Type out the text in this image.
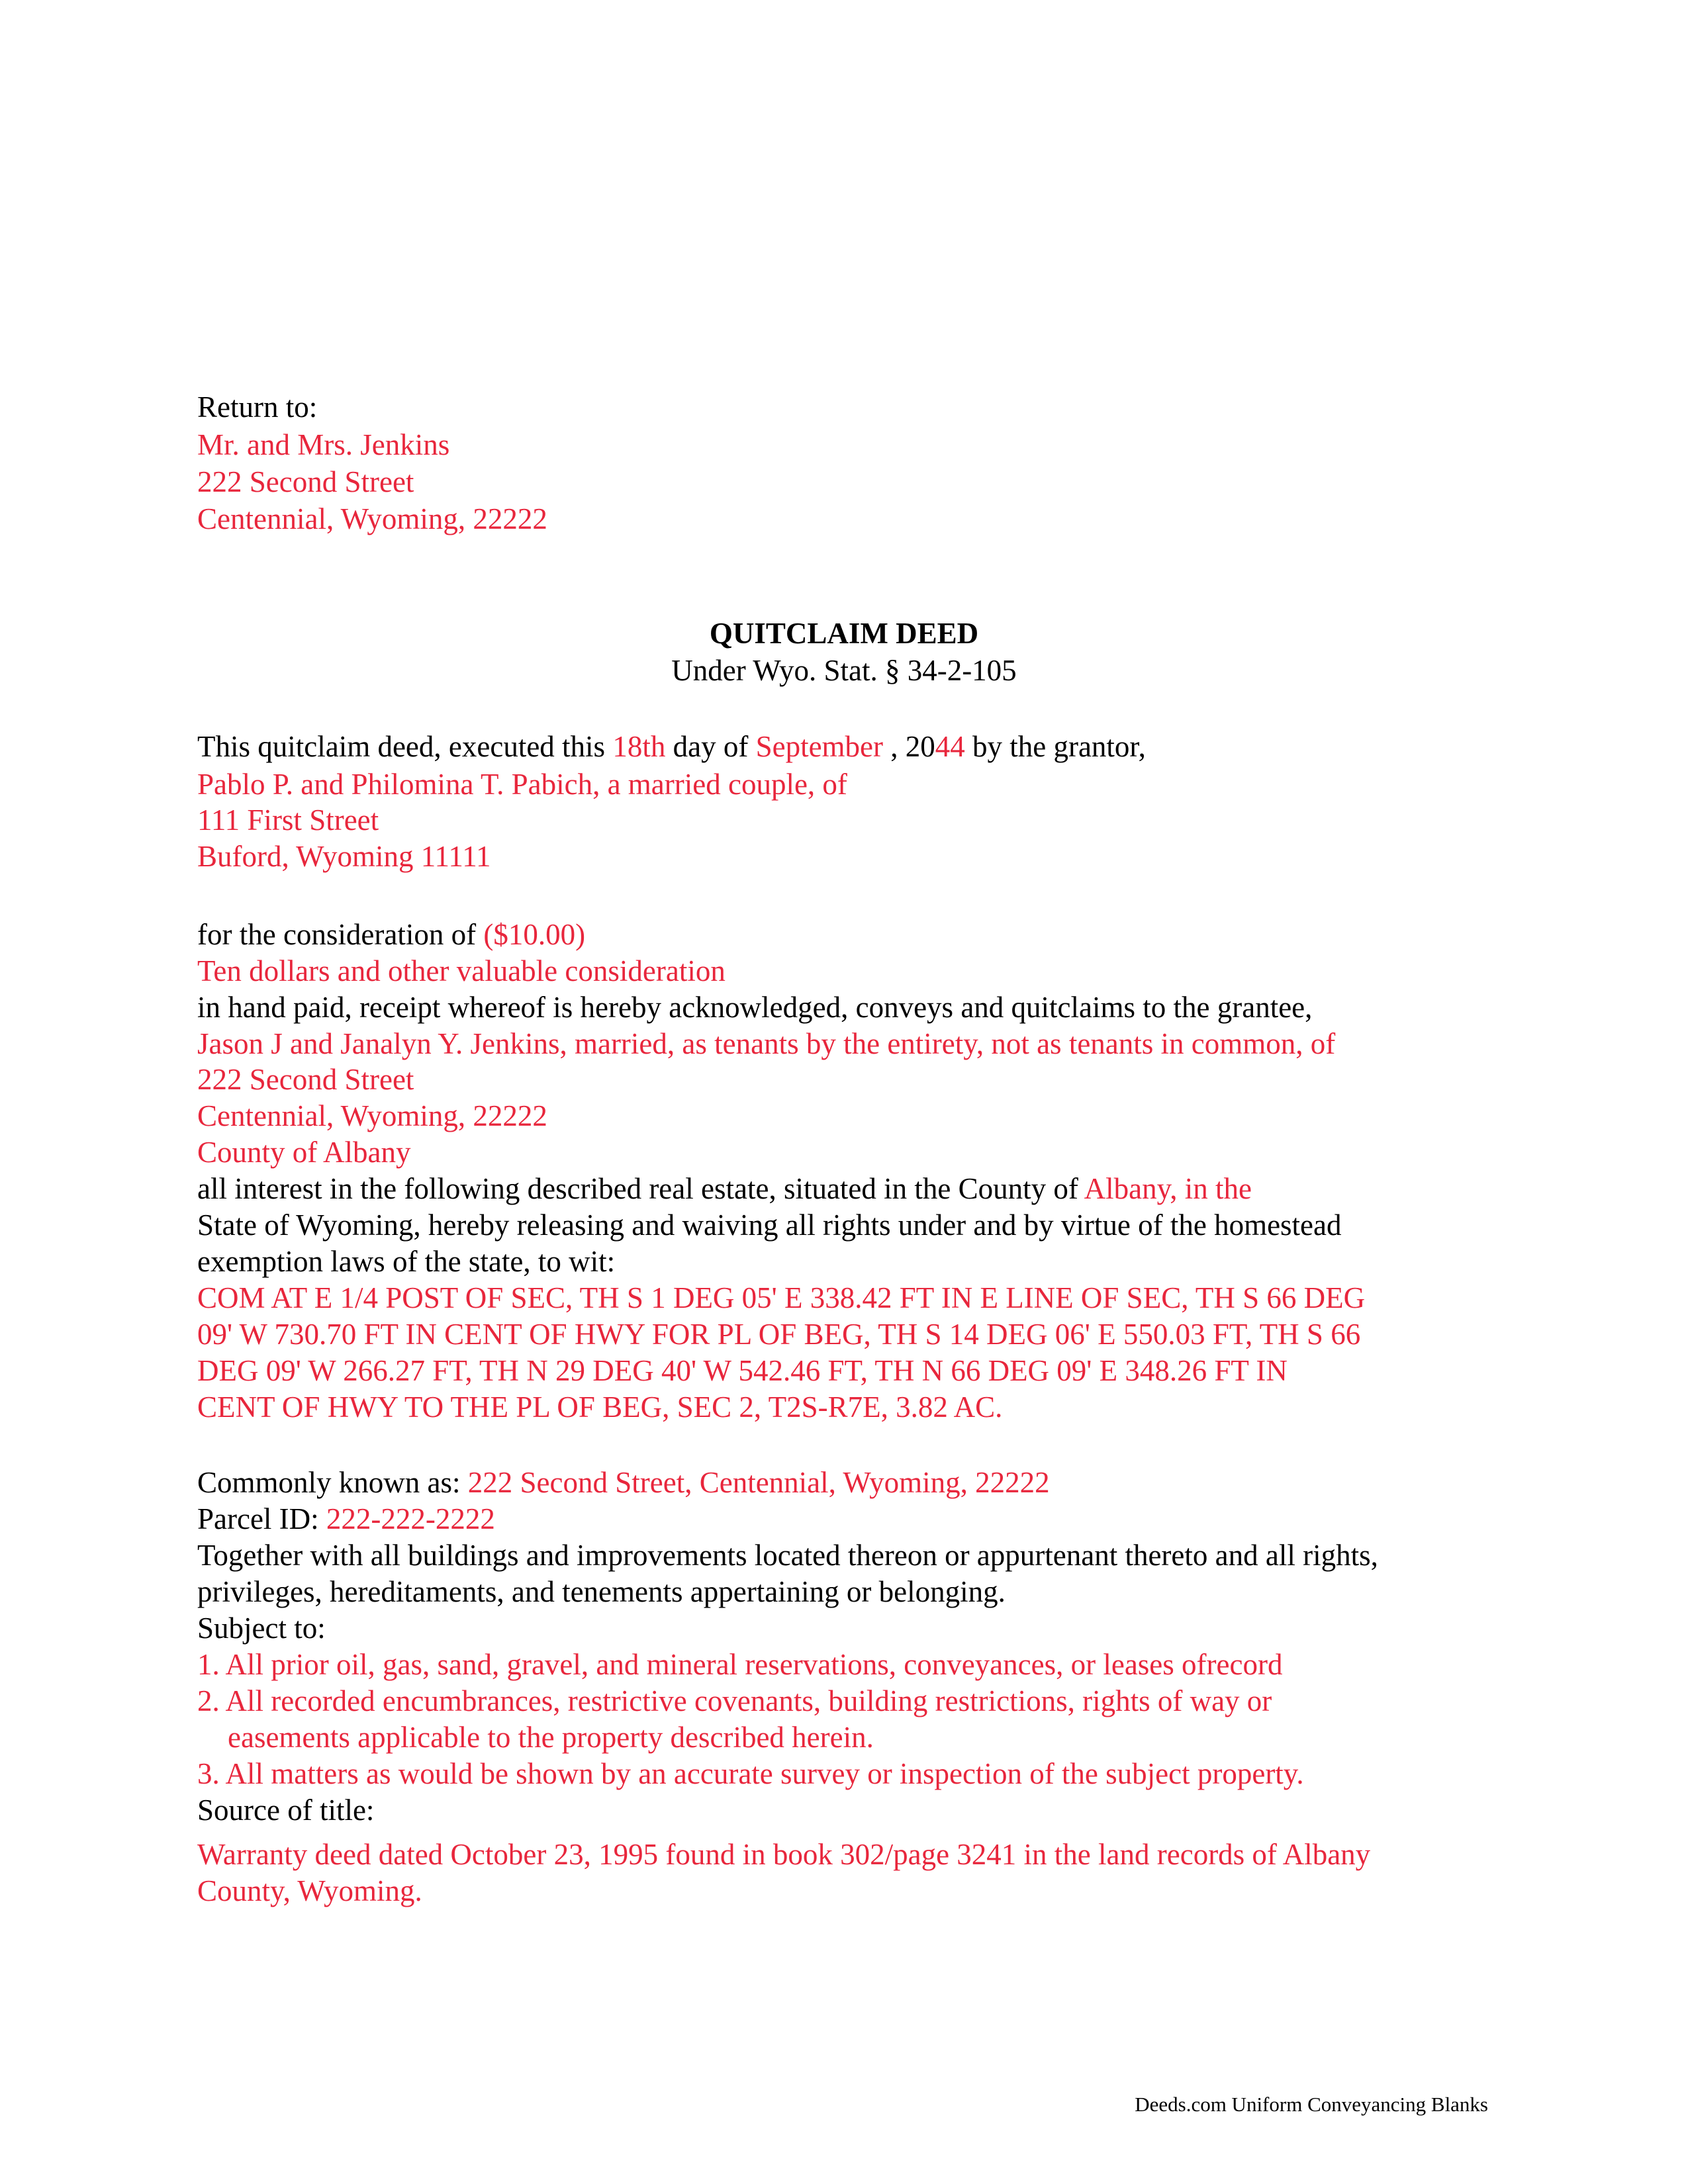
Return to:

Mr. and Mrs. Jenkins

222 Second Street

Centennial, Wyoming, 22222

QUITCLAIM DEED

Under Wyo. Stat. § 34-2-105

This quitclaim deed, executed this 18th day of September , 2044 by the grantor,

Pablo P. and Philomina T. Pabich, a married couple, of

111 First Street

Buford, Wyoming 11111

for the consideration of ($10.00)

Ten dollars and other valuable consideration

in hand paid, receipt whereof is hereby acknowledged, conveys and quitclaims to the grantee,

Jason J and Janalyn Y. Jenkins, married, as tenants by the entirety, not as tenants in common, of

222 Second Street

Centennial, Wyoming, 22222

County of Albany

all interest in the following described real estate, situated in the County of Albany, in the

State of Wyoming, hereby releasing and waiving all rights under and by virtue of the homestead

exemption laws of the state, to wit:

COM AT E 1/4 POST OF SEC, TH S 1 DEG 05' E 338.42 FT IN E LINE OF SEC, TH S 66 DEG

09' W 730.70 FT IN CENT OF HWY FOR PL OF BEG, TH S 14 DEG 06' E 550.03 FT, TH S 66

DEG 09' W 266.27 FT, TH N 29 DEG 40' W 542.46 FT, TH N 66 DEG 09' E 348.26 FT IN

CENT OF HWY TO THE PL OF BEG, SEC 2, T2S-R7E, 3.82 AC.

Commonly known as: 222 Second Street, Centennial, Wyoming, 22222

Parcel ID: 222-222-2222

Together with all buildings and improvements located thereon or appurtenant thereto and all rights,

privileges, hereditaments, and tenements appertaining or belonging.

Subject to:

1. All prior oil, gas, sand, gravel, and mineral reservations, conveyances, or leases ofrecord

2. All recorded encumbrances, restrictive covenants, building restrictions, rights of way or

easements applicable to the property described herein.

3. All matters as would be shown by an accurate survey or inspection of the subject property.

Source of title:

Warranty deed dated October 23, 1995 found in book 302/page 3241 in the land records of Albany

County, Wyoming.

Deeds.com Uniform Conveyancing Blanks
